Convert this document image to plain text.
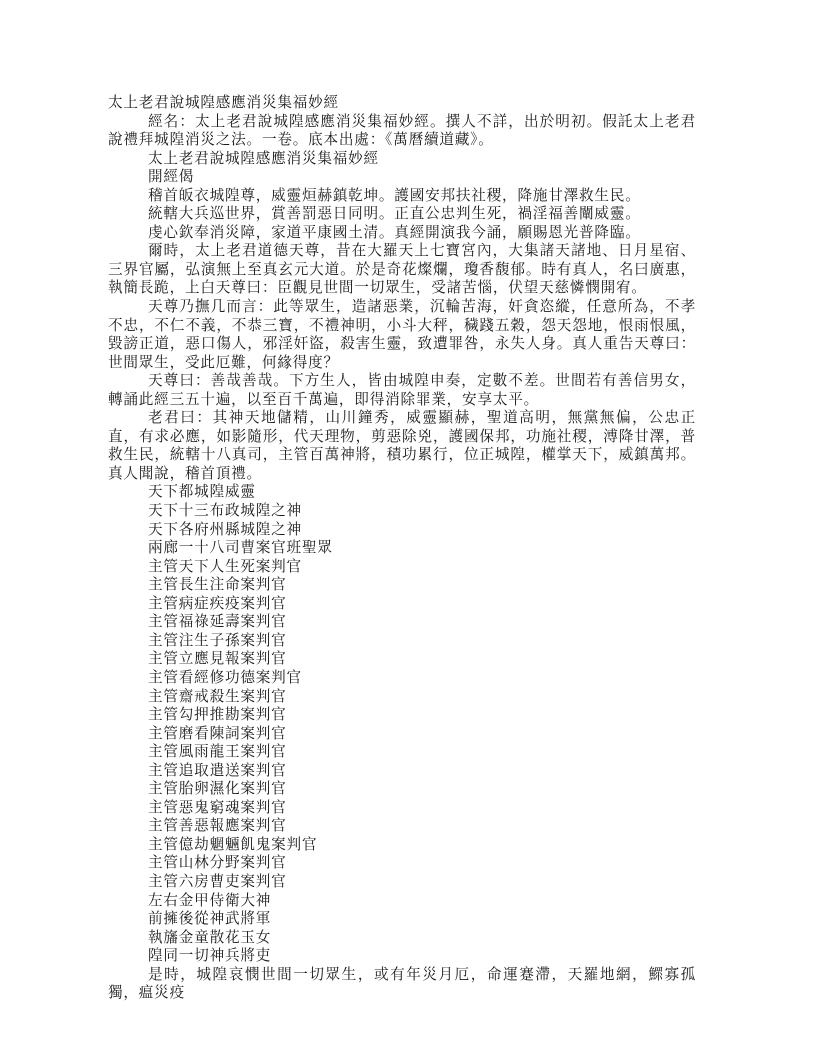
太上老君說城隍感應消災集福妙經
經名：太上老君說城隍感應消災集福妙經。撰人不詳，出於明初。假託太上老君說禮拜城隍消災之法。一卷。底本出處：《萬曆續道藏》。
太上老君說城隍感應消災集福妙經
開經偈
稽首皈衣城隍尊，威靈烜赫鎮乾坤。護國安邦扶社稷，降施甘澤救生民。
統轄大兵巡世界，賞善罰惡日同明。正直公忠判生死，禍淫福善闡威靈。
虔心欽奉消災障，家道平康國土清。真經開演我今誦，願賜恩光普降臨。
爾時，太上老君道德天尊，昔在大羅天上七寶宮內，大集諸天諸地、日月星宿、三界官屬，弘演無上至真玄元大道。於是奇花燦爛，瓊香馥郁。時有真人，名曰廣惠，執簡長跪，上白天尊曰：臣觀見世間一切眾生，受諸苦惱，伏望天慈憐憫開宥。
天尊乃撫几而言：此等眾生，造諸惡業，沉輪苦海，奸貪恣縱，任意所為，不孝不忠，不仁不義，不恭三寶，不禮神明，小斗大秤，穢踐五穀，怨天怨地，恨雨恨風，毀謗正道，惡口傷人，邪淫奸盜，殺害生靈，致遭罪咎，永失人身。真人重告天尊曰：世間眾生，受此厄難，何緣得度？
天尊曰：善哉善哉。下方生人，皆由城隍申奏，定數不差。世間若有善信男女，轉誦此經三五十遍，以至百千萬遍，即得消除罪業，安享太平。
老君曰：其神天地儲精，山川鐘秀，威靈顯赫，聖道高明，無黨無偏，公忠正直，有求必應，如影隨形，代天理物，剪惡除兇，護國保邦，功施社稷，溥降甘澤，普救生民，統轄十八真司，主管百萬神將，積功累行，位正城隍，權掌天下，威鎮萬邦。真人聞說，稽首頂禮。
天下都城隍威靈
天下十三布政城隍之神
天下各府州縣城隍之神
兩廊一十八司曹案官班聖眾
主管天下人生死案判官
主管長生注命案判官
主管病症疾疫案判官
主管福祿延壽案判官
主管注生子孫案判官
主管立應見報案判官
主管看經修功德案判官
主管齋戒殺生案判官
主管勾押推勘案判官
主管磨看陳詞案判官
主管風雨龍王案判官
主管追取遣送案判官
主管胎卵濕化案判官
主管惡鬼窮魂案判官
主管善惡報應案判官
主管億劫魍魎飢鬼案判官
主管山林分野案判官
主管六房曹吏案判官
左右金甲侍衛大神
前擁後從神武將軍
執旛金童散花玉女
隍同一切神兵將吏
是時，城隍哀憫世間一切眾生，或有年災月厄，命運蹇滯，天羅地網，鰥寡孤獨，瘟災疫
